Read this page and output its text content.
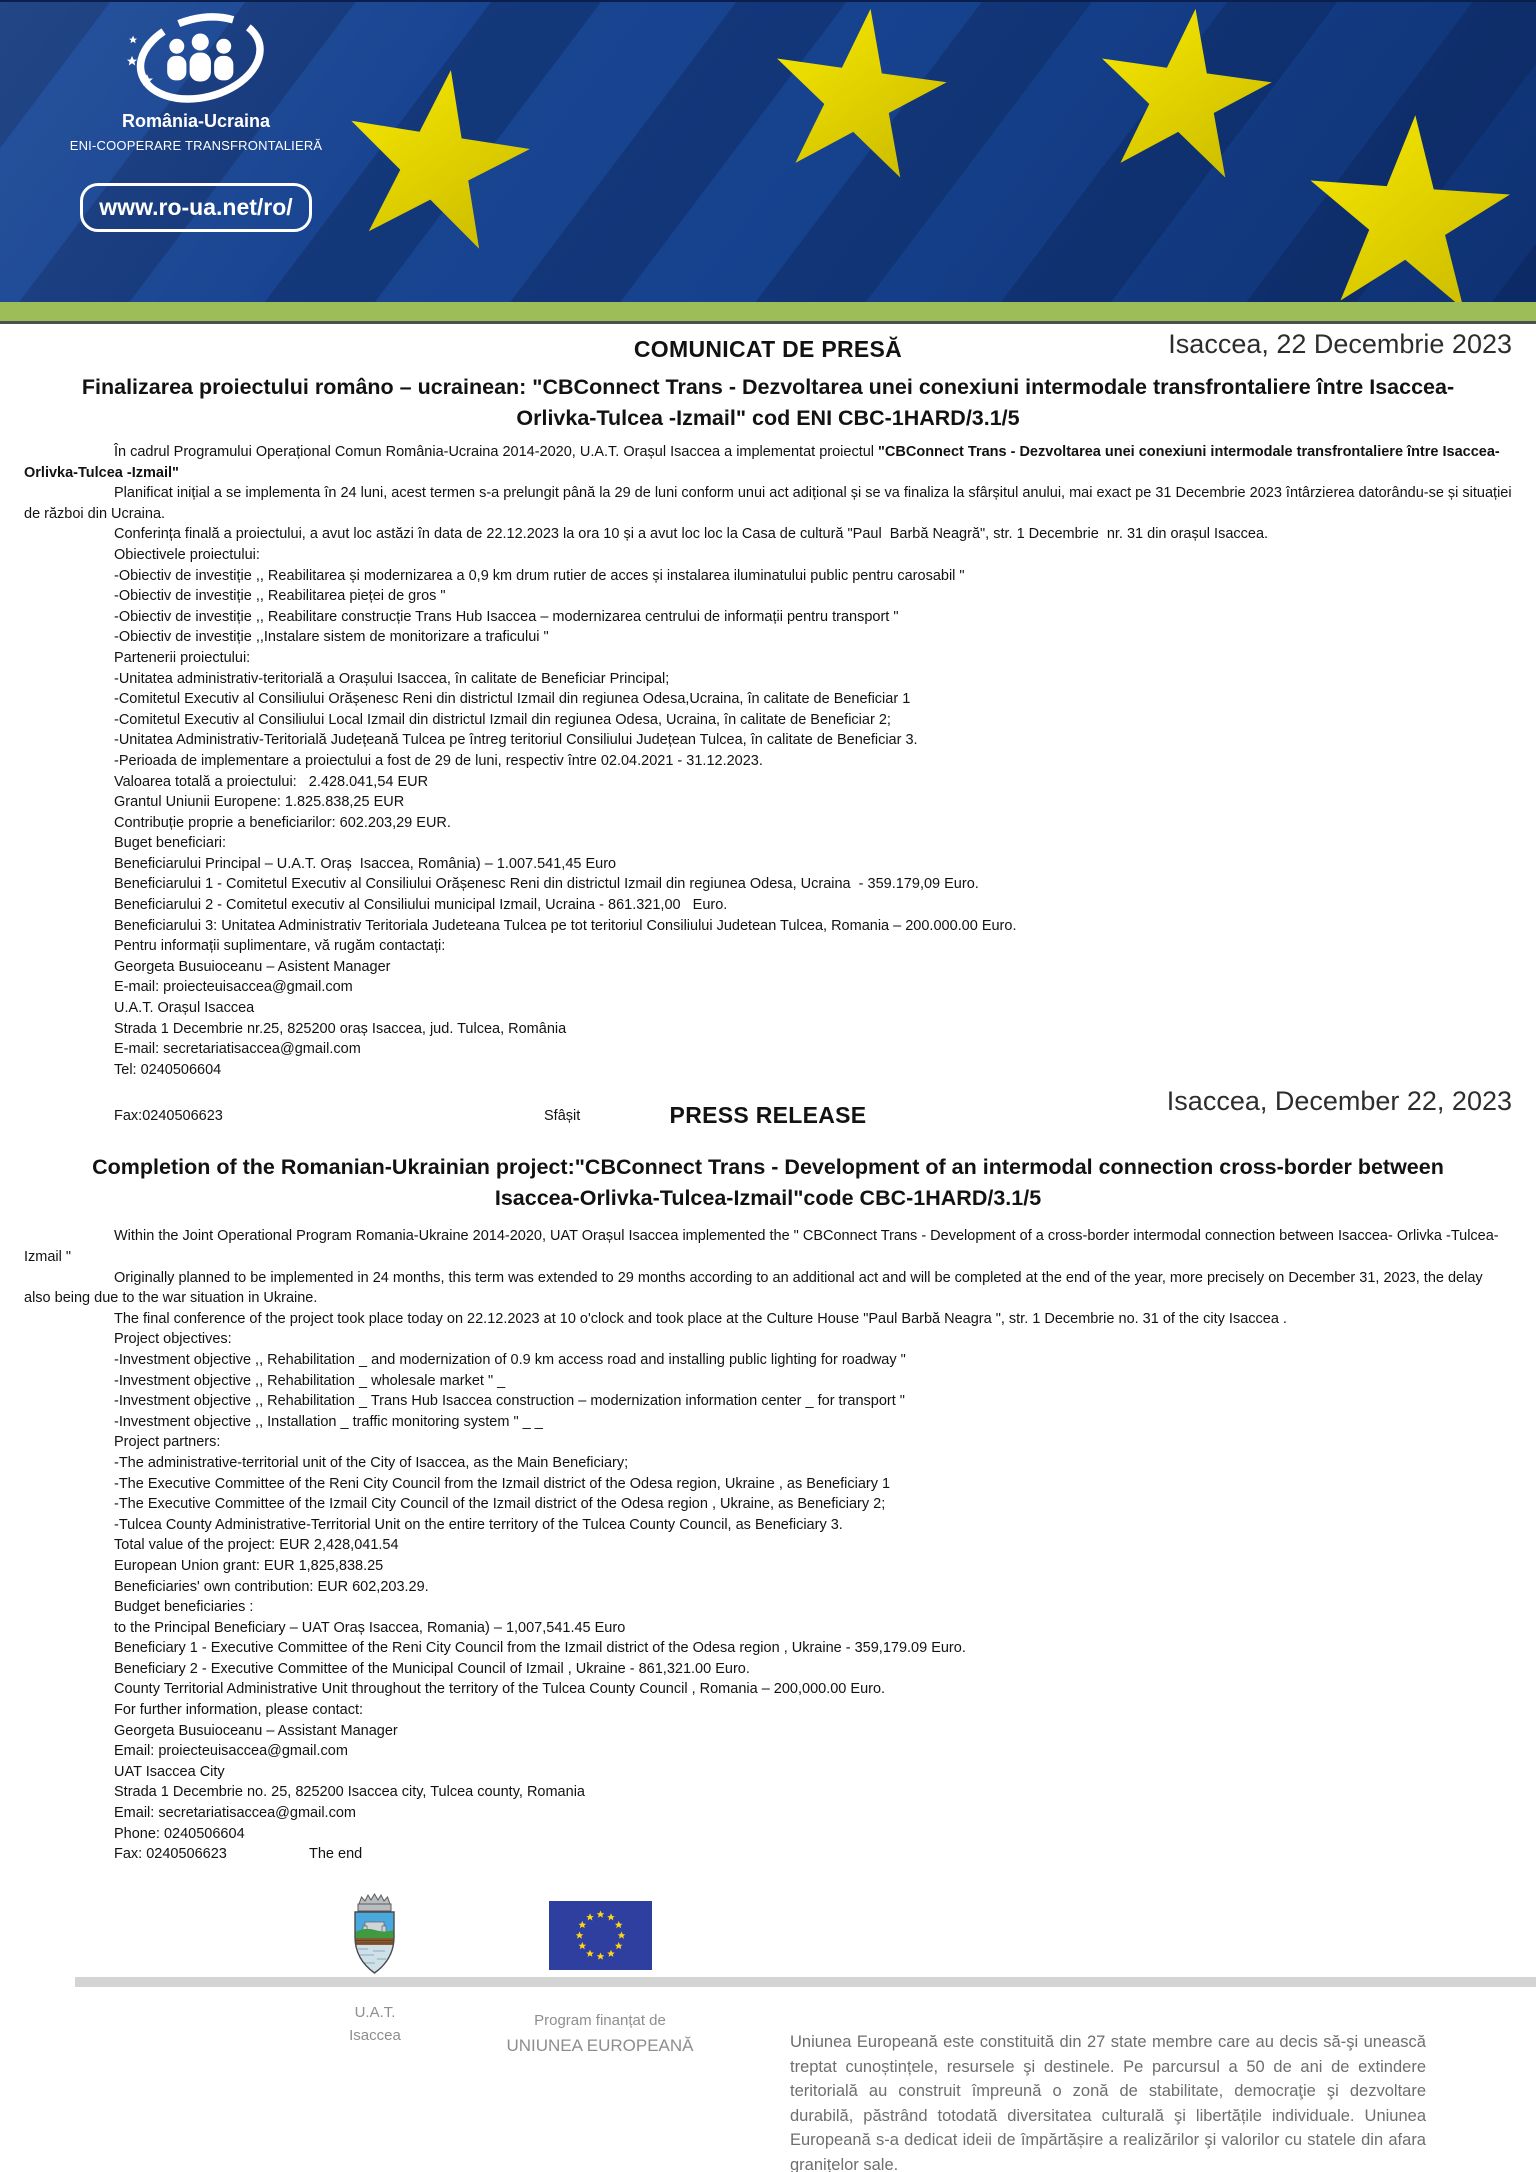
România-Ucraina
ENI-COOPERARE TRANSFRONTALIERĂ
www.ro-ua.net/ro/
COMUNICAT DE PRESĂ	Isaccea, 22 Decembrie 2023
Finalizarea proiectului româno – ucrainean: "CBConnect Trans - Dezvoltarea unei conexiuni intermodale transfrontaliere între Isaccea-Orlivka-Tulcea -Izmail" cod ENI CBC-1HARD/3.1/5

În cadrul Programului Operațional Comun România-Ucraina 2014-2020, U.A.T. Orașul Isaccea a implementat proiectul "CBConnect Trans - Dezvoltarea unei conexiuni intermodale transfrontaliere între Isaccea-Orlivka-Tulcea -Izmail"

Planificat inițial a se implementa în 24 luni, acest termen s-a prelungit până la 29 de luni conform unui act adițional și se va finaliza la sfârșitul anului, mai exact pe 31 Decembrie 2023 întârzierea datorându-se și situației de război din Ucraina.

Conferința finală a proiectului, a avut loc astăzi în data de 22.12.2023 la ora 10 și a avut loc loc la Casa de cultură "Paul  Barbă Neagră", str. 1 Decembrie  nr. 31 din orașul Isaccea.

Obiectivele proiectului:
-Obiectiv de investiție ,, Reabilitarea și modernizarea a 0,9 km drum rutier de acces și instalarea iluminatului public pentru carosabil "
-Obiectiv de investiție ,, Reabilitarea pieței de gros "
-Obiectiv de investiție ,, Reabilitare construcție Trans Hub Isaccea – modernizarea centrului de informații pentru transport "
-Obiectiv de investiție ,,Instalare sistem de monitorizare a traficului "
Partenerii proiectului:
-Unitatea administrativ-teritorială a Orașului Isaccea, în calitate de Beneficiar Principal;
-Comitetul Executiv al Consiliului Orășenesc Reni din districtul Izmail din regiunea Odesa,Ucraina, în calitate de Beneficiar 1
-Comitetul Executiv al Consiliului Local Izmail din districtul Izmail din regiunea Odesa, Ucraina, în calitate de Beneficiar 2;
-Unitatea Administrativ-Teritorială Județeană Tulcea pe întreg teritoriul Consiliului Județean Tulcea, în calitate de Beneficiar 3.
-Perioada de implementare a proiectului a fost de 29 de luni, respectiv între 02.04.2021 - 31.12.2023.
Valoarea totală a proiectului:   2.428.041,54 EUR
Grantul Uniunii Europene: 1.825.838,25 EUR
Contribuție proprie a beneficiarilor: 602.203,29 EUR.
Buget beneficiari:
Beneficiarului Principal – U.A.T. Oraș  Isaccea, România) – 1.007.541,45 Euro
Beneficiarului 1 - Comitetul Executiv al Consiliului Orășenesc Reni din districtul Izmail din regiunea Odesa, Ucraina  - 359.179,09 Euro.
Beneficiarului 2 - Comitetul executiv al Consiliului municipal Izmail, Ucraina - 861.321,00   Euro.
Beneficiarului 3: Unitatea Administrativ Teritoriala Judeteana Tulcea pe tot teritoriul Consiliului Judetean Tulcea, Romania – 200.000.00 Euro.
Pentru informații suplimentare, vă rugăm contactați:
Georgeta Busuioceanu – Asistent Manager
E-mail: proiecteuisaccea@gmail.com
U.A.T. Orașul Isaccea
Strada 1 Decembrie nr.25, 825200 oraș Isaccea, jud. Tulcea, România
E-mail: secretariatisaccea@gmail.com
Tel: 0240506604
Fax:0240506623	Sfâșit	PRESS RELEASE	Isaccea, December 22, 2023
Completion of the Romanian-Ukrainian project:"CBConnect Trans - Development of an intermodal connection cross-border between Isaccea-Orlivka-Tulcea-Izmail"code CBC-1HARD/3.1/5

Within the Joint Operational Program Romania-Ukraine 2014-2020, UAT Orașul Isaccea implemented the " CBConnect Trans - Development of a cross-border intermodal connection between Isaccea- Orlivka -Tulcea- Izmail "

Originally planned to be implemented in 24 months, this term was extended to 29 months according to an additional act and will be completed at the end of the year, more precisely on December 31, 2023, the delay also being due to the war situation in Ukraine.

The final conference of the project took place today on 22.12.2023 at 10 o'clock and took place at the Culture House "Paul Barbă Neagra ", str. 1 Decembrie no. 31 of the city Isaccea .

Project objectives:
-Investment objective ,, Rehabilitation _ and modernization of 0.9 km access road and installing public lighting for roadway "
-Investment objective ,, Rehabilitation _ wholesale market " _
-Investment objective ,, Rehabilitation _ Trans Hub Isaccea construction – modernization information center _ for transport "
-Investment objective ,, Installation _ traffic monitoring system " _ _
Project partners:
-The administrative-territorial unit of the City of Isaccea, as the Main Beneficiary;
-The Executive Committee of the Reni City Council from the Izmail district of the Odesa region, Ukraine , as Beneficiary 1
-The Executive Committee of the Izmail City Council of the Izmail district of the Odesa region , Ukraine, as Beneficiary 2;
-Tulcea County Administrative-Territorial Unit on the entire territory of the Tulcea County Council, as Beneficiary 3.
Total value of the project: EUR 2,428,041.54
European Union grant: EUR 1,825,838.25
Beneficiaries' own contribution: EUR 602,203.29.
Budget beneficiaries :
to the Principal Beneficiary – UAT Oraș Isaccea, Romania) – 1,007,541.45 Euro
Beneficiary 1 - Executive Committee of the Reni City Council from the Izmail district of the Odesa region , Ukraine - 359,179.09 Euro.
Beneficiary 2 - Executive Committee of the Municipal Council of Izmail , Ukraine - 861,321.00 Euro.
County Territorial Administrative Unit throughout the territory of the Tulcea County Council , Romania – 200,000.00 Euro.
For further information, please contact:
Georgeta Busuioceanu – Assistant Manager
Email: proiecteuisaccea@gmail.com
UAT Isaccea City
Strada 1 Decembrie no. 25, 825200 Isaccea city, Tulcea county, Romania
Email: secretariatisaccea@gmail.com
Phone: 0240506604
Fax: 0240506623	The end
U.A.T.
Isaccea
Program finanțat de
UNIUNEA EUROPEANĂ	Uniunea Europeană este constituită din 27 state membre care au decis să-şi unească treptat cunoștințele, resursele şi destinele. Pe parcursul a 50 de ani de extindere teritorială au construit împreună o zonă de stabilitate, democraţie şi dezvoltare durabilă, păstrând totodată diversitatea culturală şi libertățile individuale. Uniunea Europeană s-a dedicat ideii de împărtășire a realizărilor şi valorilor cu statele din afara granițelor sale.
